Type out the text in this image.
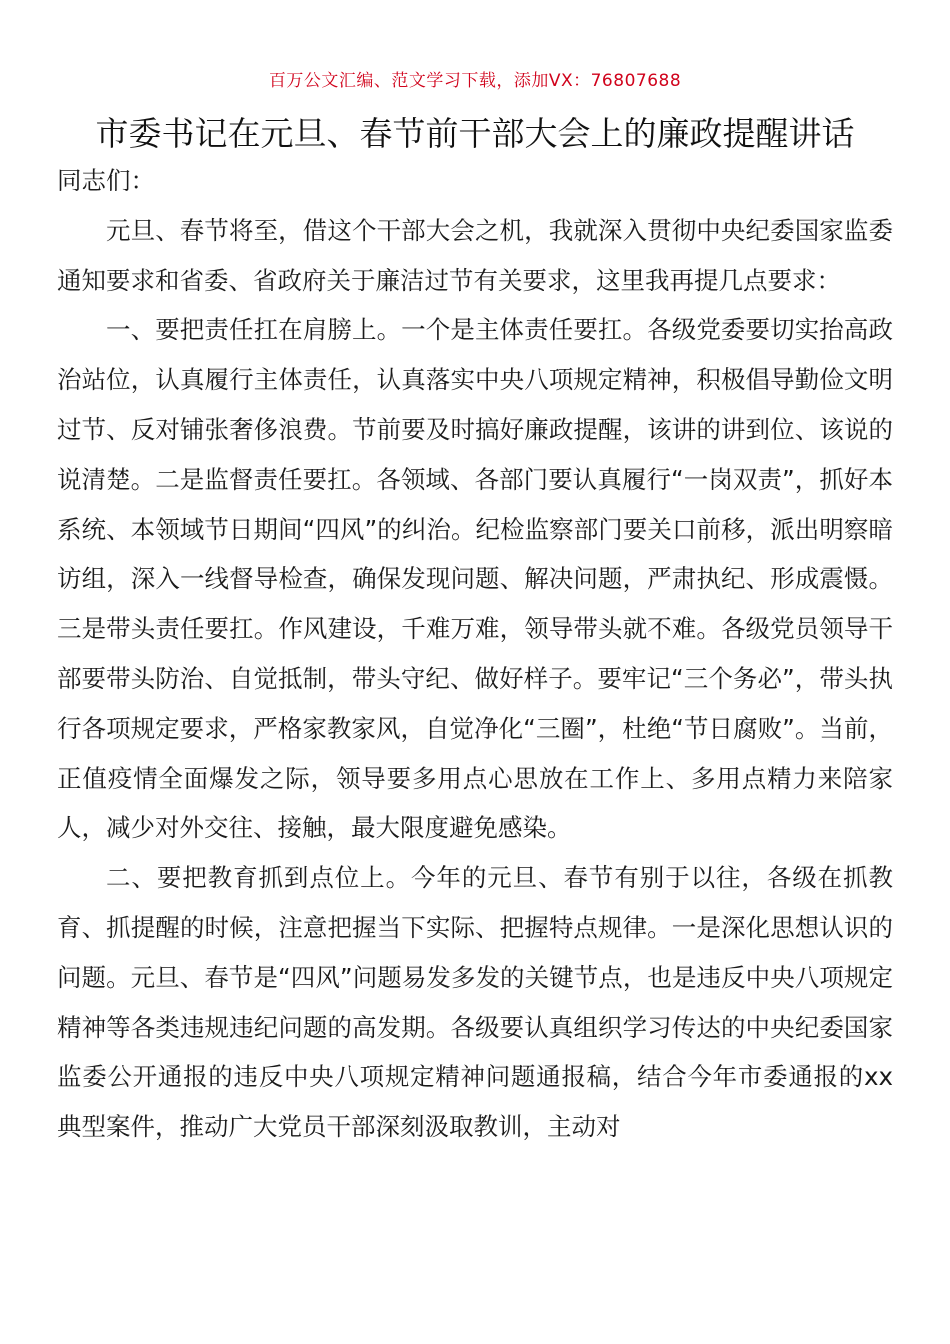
百万公文汇编、范文学习下载，添加VX：76807688
市委书记在元旦、春节前干部大会上的廉政提醒讲话

同志们：

元旦、春节将至，借这个干部大会之机，我就深入贯彻中央纪委国家监委通知要求和省委、省政府关于廉洁过节有关要求，这里我再提几点要求：

一、要把责任扛在肩膀上。一个是主体责任要扛。各级党委要切实抬高政治站位，认真履行主体责任，认真落实中央八项规定精神，积极倡导勤俭文明过节、反对铺张奢侈浪费。节前要及时搞好廉政提醒，该讲的讲到位、该说的说清楚。二是监督责任要扛。各领域、各部门要认真履行“一岗双责”，抓好本系统、本领域节日期间“四风”的纠治。纪检监察部门要关口前移，派出明察暗访组，深入一线督导检查，确保发现问题、解决问题，严肃执纪、形成震慑。三是带头责任要扛。作风建设，千难万难，领导带头就不难。各级党员领导干部要带头防治、自觉抵制，带头守纪、做好样子。要牢记“三个务必”，带头执行各项规定要求，严格家教家风，自觉净化“三圈”，杜绝“节日腐败”。当前，正值疫情全面爆发之际，领导要多用点心思放在工作上、多用点精力来陪家人，减少对外交往、接触，最大限度避免感染。

二、要把教育抓到点位上。今年的元旦、春节有别于以往，各级在抓教育、抓提醒的时候，注意把握当下实际、把握特点规律。一是深化思想认识的问题。元旦、春节是“四风”问题易发多发的关键节点，也是违反中央八项规定精神等各类违规违纪问题的高发期。各级要认真组织学习传达的中央纪委国家监委公开通报的违反中央八项规定精神问题通报稿，结合今年市委通报的xx典型案件，推动广大党员干部深刻汲取教训，主动对
